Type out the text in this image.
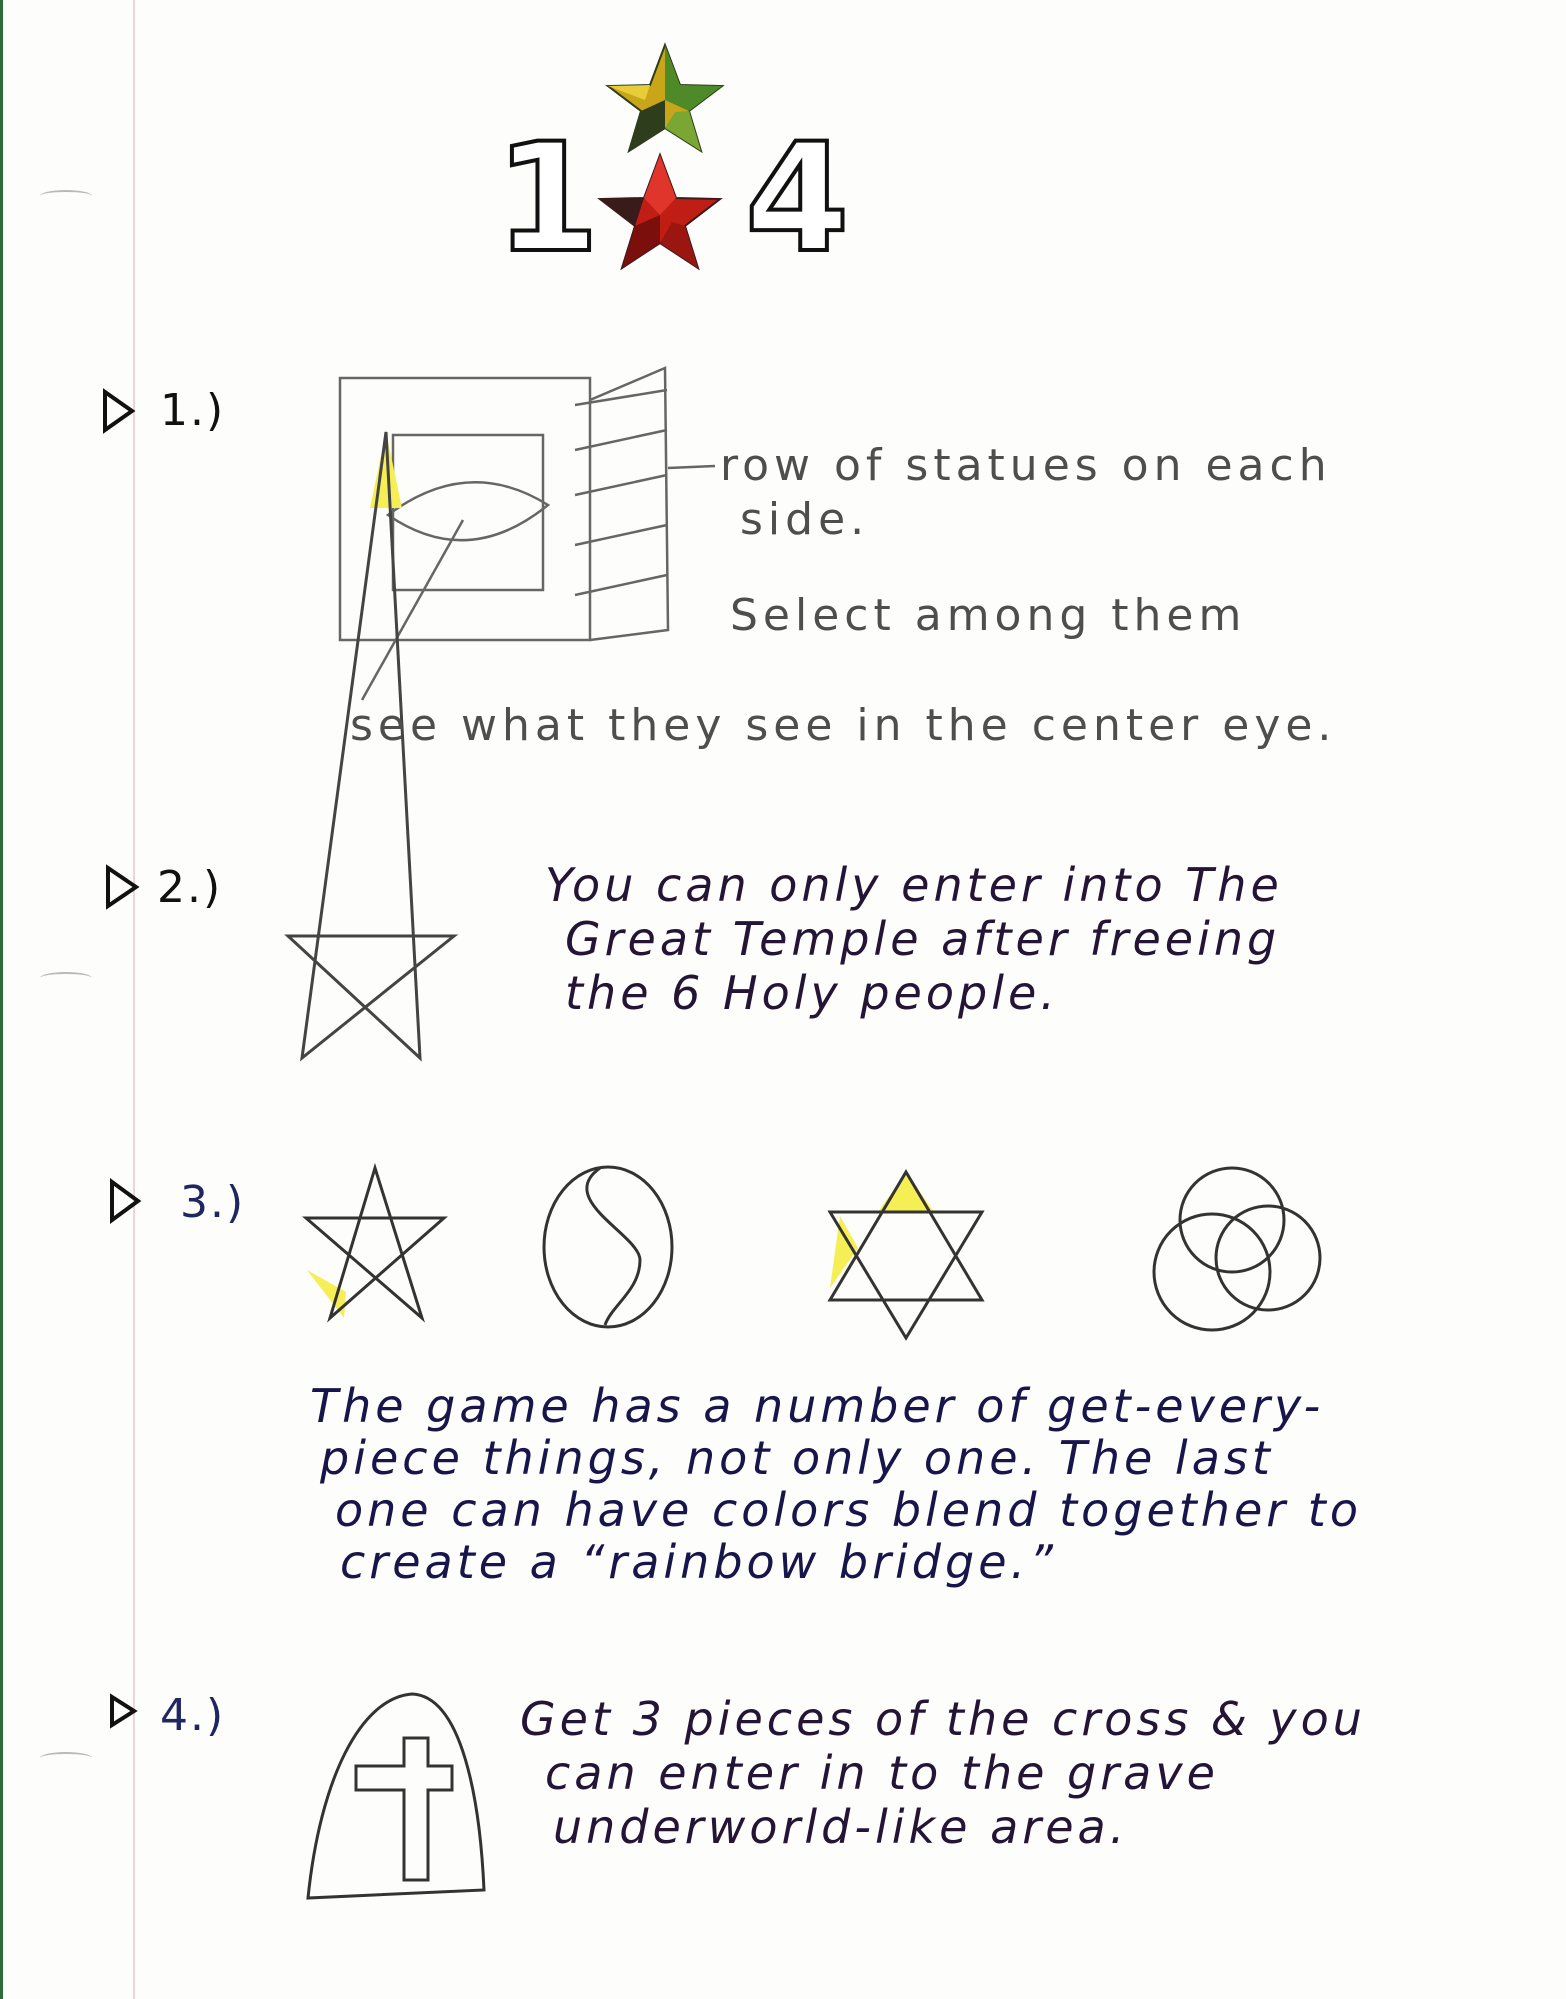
1 4
1.)
2.)
3.)
4.)
row of statues on each
side.
Select among them
see what they see in the center eye.
You can only enter into The
Great Temple after freeing
the 6 Holy people.
The game has a number of get-every-
piece things, not only one. The last
one can have colors blend together to
create a “rainbow bridge.”
Get 3 pieces of the cross & you
can enter in to the grave
underworld-like area.
